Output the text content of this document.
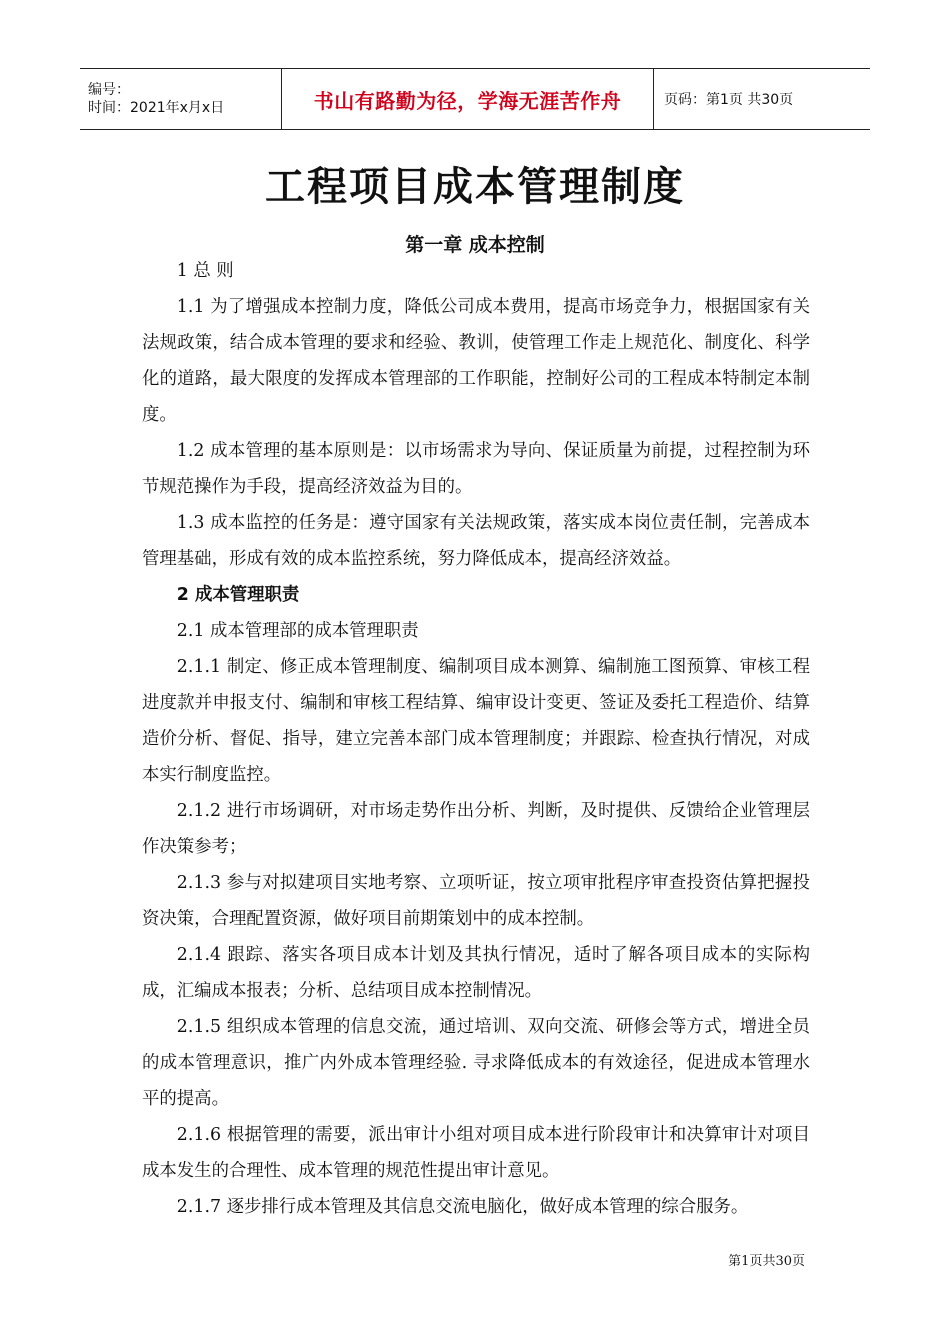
编号：
时间：2021年x月x日	书山有路勤为径，学海无涯苦作舟	页码：第1页 共30页
工程项目成本管理制度
第一章 成本控制
1 总 则

1.1 为了增强成本控制力度，降低公司成本费用，提高市场竞争力，根据国家有关法规政策，结合成本管理的要求和经验、教训，使管理工作走上规范化、制度化、科学化的道路，最大限度的发挥成本管理部的工作职能，控制好公司的工程成本特制定本制度。

1.2 成本管理的基本原则是：以市场需求为导向、保证质量为前提，过程控制为环节规范操作为手段，提高经济效益为目的。

1.3 成本监控的任务是：遵守国家有关法规政策，落实成本岗位责任制，完善成本管理基础，形成有效的成本监控系统，努力降低成本，提高经济效益。

2 成本管理职责
2.1 成本管理部的成本管理职责

2.1.1 制定、修正成本管理制度、编制项目成本测算、编制施工图预算、审核工程进度款并申报支付、编制和审核工程结算、编审设计变更、签证及委托工程造价、结算造价分析、督促、指导，建立完善本部门成本管理制度；并跟踪、检查执行情况，对成本实行制度监控。

2.1.2 进行市场调研，对市场走势作出分析、判断，及时提供、反馈给企业管理层作决策参考；

2.1.3 参与对拟建项目实地考察、立项听证，按立项审批程序审查投资估算把握投资决策，合理配置资源，做好项目前期策划中的成本控制。

2.1.4 跟踪、落实各项目成本计划及其执行情况，适时了解各项目成本的实际构成，汇编成本报表；分析、总结项目成本控制情况。

2.1.5 组织成本管理的信息交流，通过培训、双向交流、研修会等方式，增进全员的成本管理意识，推广内外成本管理经验. 寻求降低成本的有效途径，促进成本管理水平的提高。

2.1.6 根据管理的需要，派出审计小组对项目成本进行阶段审计和决算审计对项目成本发生的合理性、成本管理的规范性提出审计意见。

2.1.7 逐步排行成本管理及其信息交流电脑化，做好成本管理的综合服务。

第1页共30页
